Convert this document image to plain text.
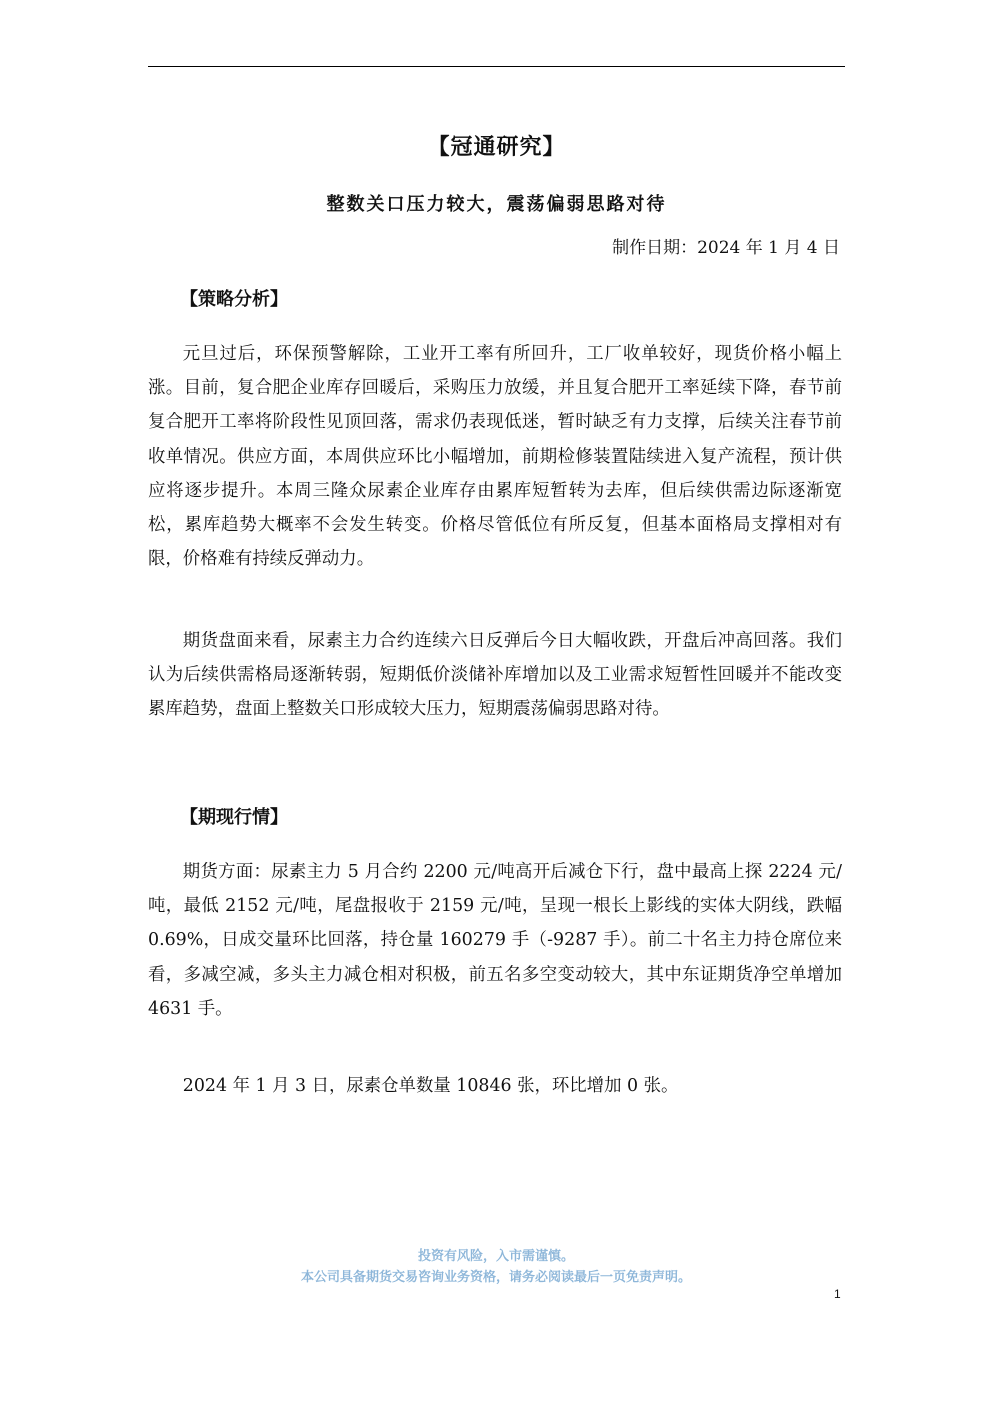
【冠通研究】
整数关口压力较大，震荡偏弱思路对待
制作日期：2024 年 1 月 4 日
【策略分析】

元旦过后，环保预警解除，工业开工率有所回升，工厂收单较好，现货价格小幅上涨。目前，复合肥企业库存回暖后，采购压力放缓，并且复合肥开工率延续下降，春节前复合肥开工率将阶段性见顶回落，需求仍表现低迷，暂时缺乏有力支撑，后续关注春节前收单情况。供应方面，本周供应环比小幅增加，前期检修装置陆续进入复产流程，预计供应将逐步提升。本周三隆众尿素企业库存由累库短暂转为去库，但后续供需边际逐渐宽松，累库趋势大概率不会发生转变。价格尽管低位有所反复，但基本面格局支撑相对有限，价格难有持续反弹动力。

期货盘面来看，尿素主力合约连续六日反弹后今日大幅收跌，开盘后冲高回落。我们认为后续供需格局逐渐转弱，短期低价淡储补库增加以及工业需求短暂性回暖并不能改变累库趋势，盘面上整数关口形成较大压力，短期震荡偏弱思路对待。

【期现行情】

期货方面：尿素主力 5 月合约 2200 元/吨高开后减仓下行，盘中最高上探 2224 元/吨，最低 2152 元/吨，尾盘报收于 2159 元/吨，呈现一根长上影线的实体大阴线，跌幅 0.69%，日成交量环比回落，持仓量 160279 手（-9287 手）。前二十名主力持仓席位来看，多减空减，多头主力减仓相对积极，前五名多空变动较大，其中东证期货净空单增加 4631 手。

2024 年 1 月 3 日，尿素仓单数量 10846 张，环比增加 0 张。

投资有风险，入市需谨慎。
本公司具备期货交易咨询业务资格，请务必阅读最后一页免责声明。
1
